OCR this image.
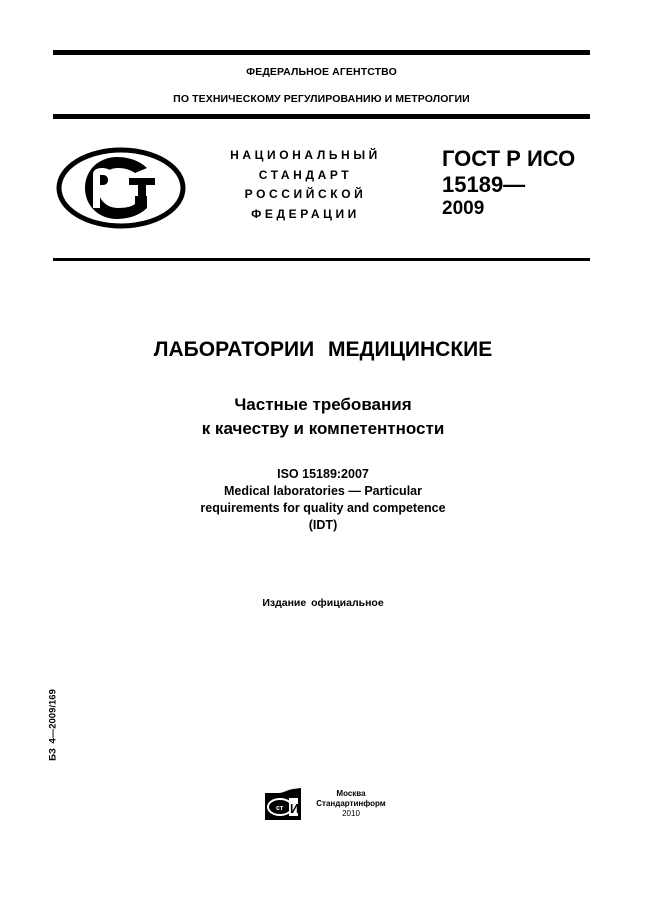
ФЕДЕРАЛЬНОЕ АГЕНТСТВО
ПО ТЕХНИЧЕСКОМУ РЕГУЛИРОВАНИЮ И МЕТРОЛОГИИ
НАЦИОНАЛЬНЫЙ
СТАНДАРТ
РОССИЙСКОЙ
ФЕДЕРАЦИИ
ГОСТ Р ИСО
15189—
2009
ЛАБОРАТОРИИ МЕДИЦИНСКИЕ
Частные требования
к качеству и компетентности
ISO 15189:2007
Medical laboratories — Particular
requirements for quality and competence
(IDT)
Издание официальное
БЗ 4—2009/169
ст И
Москва
Стандартинформ
2010
